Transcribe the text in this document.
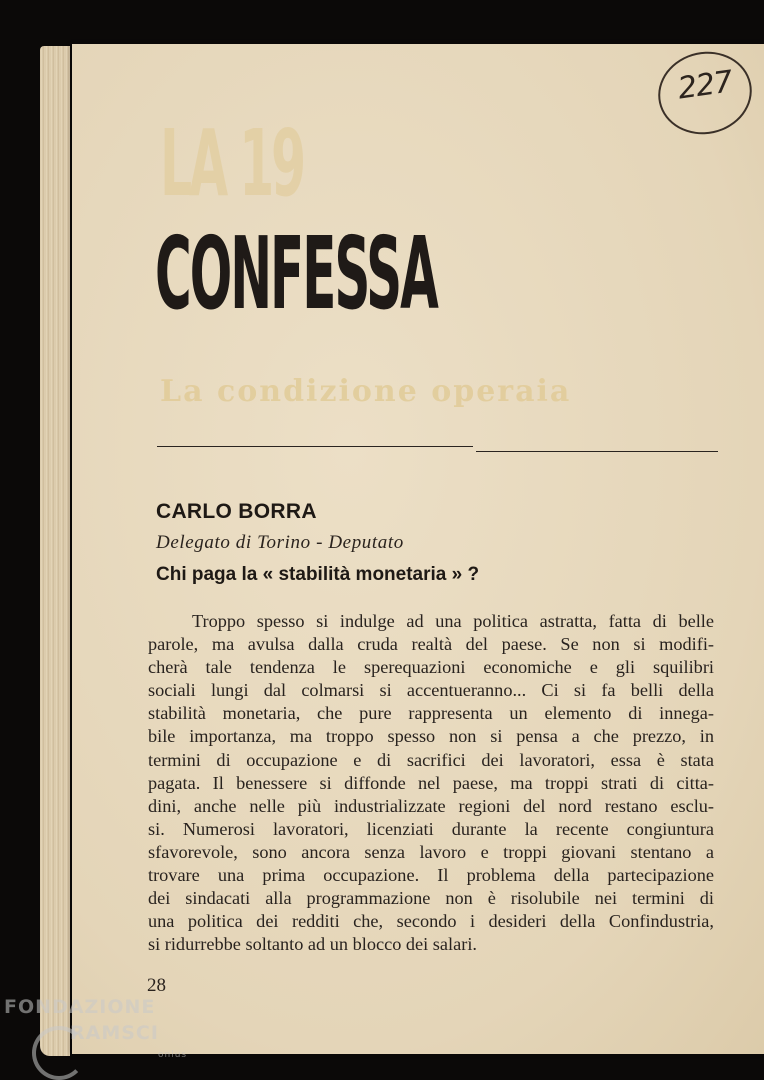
227
LA 19
CONFESSA
La condizione operaia
CARLO BORRA
Delegato di Torino - Deputato
Chi paga la « stabilità monetaria » ?

Troppo spesso si indulge ad una politica astratta, fatta di belle
parole, ma avulsa dalla cruda realtà del paese. Se non si modifi-
cherà tale tendenza le sperequazioni economiche e gli squilibri
sociali lungi dal colmarsi si accentueranno... Ci si fa belli della
stabilità monetaria, che pure rappresenta un elemento di innega-
bile importanza, ma troppo spesso non si pensa a che prezzo, in
termini di occupazione e di sacrifici dei lavoratori, essa è stata
pagata. Il benessere si diffonde nel paese, ma troppi strati di citta-
dini, anche nelle più industrializzate regioni del nord restano esclu-
si. Numerosi lavoratori, licenziati durante la recente congiuntura
sfavorevole, sono ancora senza lavoro e troppi giovani stentano a
trovare una prima occupazione. Il problema della partecipazione
dei sindacati alla programmazione non è risolubile nei termini di
una politica dei redditi che, secondo i desideri della Confindustria,
si ridurrebbe soltanto ad un blocco dei salari.

28
FONDAZIONE
RAMSCI
onlus
